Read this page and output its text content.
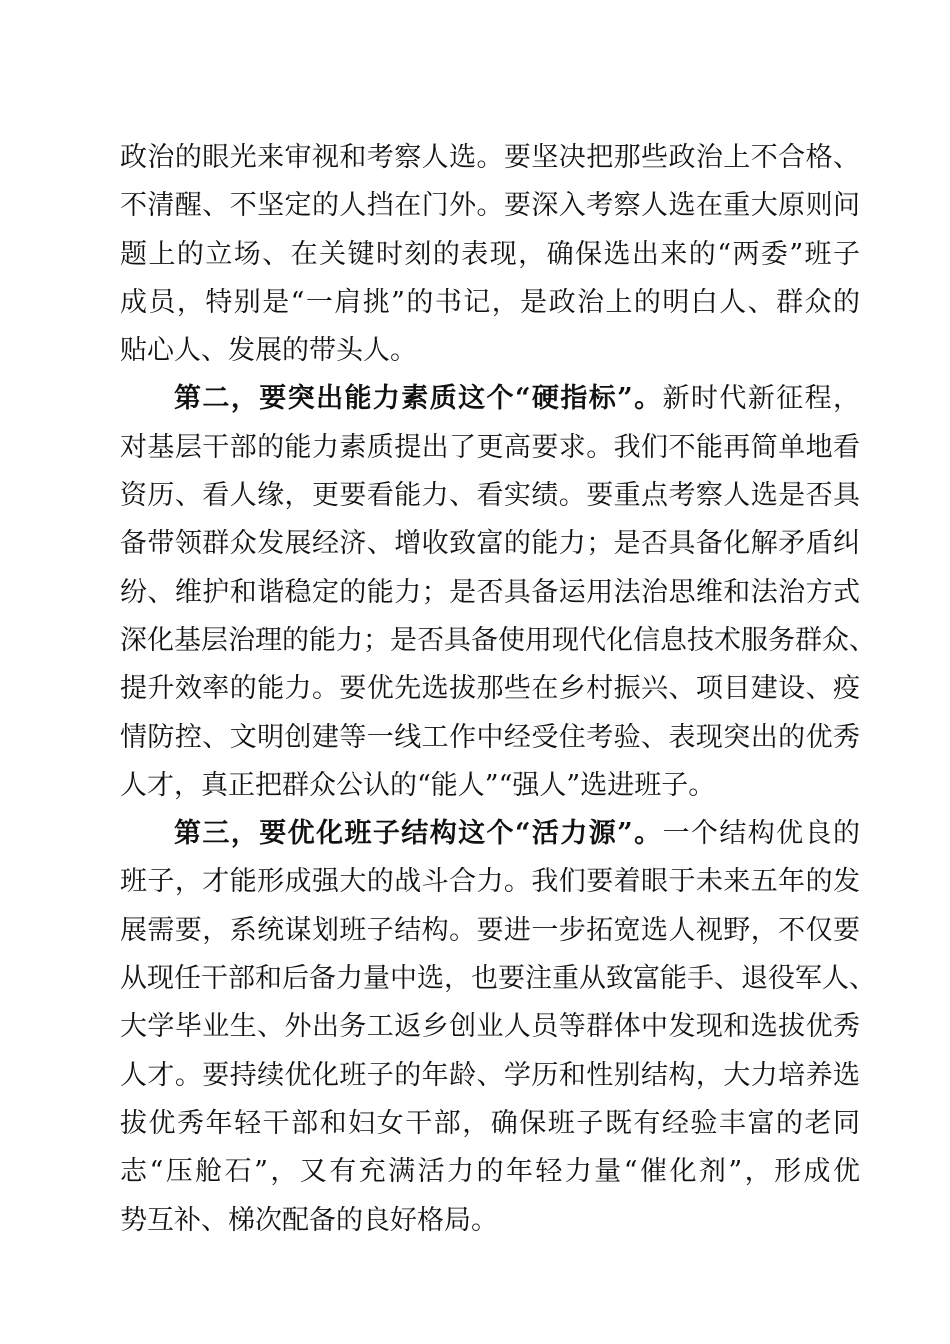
政治的眼光来审视和考察人选。要坚决把那些政治上不合格、
不清醒、不坚定的人挡在门外。要深入考察人选在重大原则问
题上的立场、在关键时刻的表现，确保选出来的“两委”班子
成员，特别是“一肩挑”的书记，是政治上的明白人、群众的
贴心人、发展的带头人。
第二，要突出能力素质这个“硬指标”。新时代新征程，
对基层干部的能力素质提出了更高要求。我们不能再简单地看
资历、看人缘，更要看能力、看实绩。要重点考察人选是否具
备带领群众发展经济、增收致富的能力；是否具备化解矛盾纠
纷、维护和谐稳定的能力；是否具备运用法治思维和法治方式
深化基层治理的能力；是否具备使用现代化信息技术服务群众、
提升效率的能力。要优先选拔那些在乡村振兴、项目建设、疫
情防控、文明创建等一线工作中经受住考验、表现突出的优秀
人才，真正把群众公认的“能人”“强人”选进班子。
第三，要优化班子结构这个“活力源”。一个结构优良的
班子，才能形成强大的战斗合力。我们要着眼于未来五年的发
展需要，系统谋划班子结构。要进一步拓宽选人视野，不仅要
从现任干部和后备力量中选，也要注重从致富能手、退役军人、
大学毕业生、外出务工返乡创业人员等群体中发现和选拔优秀
人才。要持续优化班子的年龄、学历和性别结构，大力培养选
拔优秀年轻干部和妇女干部，确保班子既有经验丰富的老同
志“压舱石”，又有充满活力的年轻力量“催化剂”，形成优
势互补、梯次配备的良好格局。
